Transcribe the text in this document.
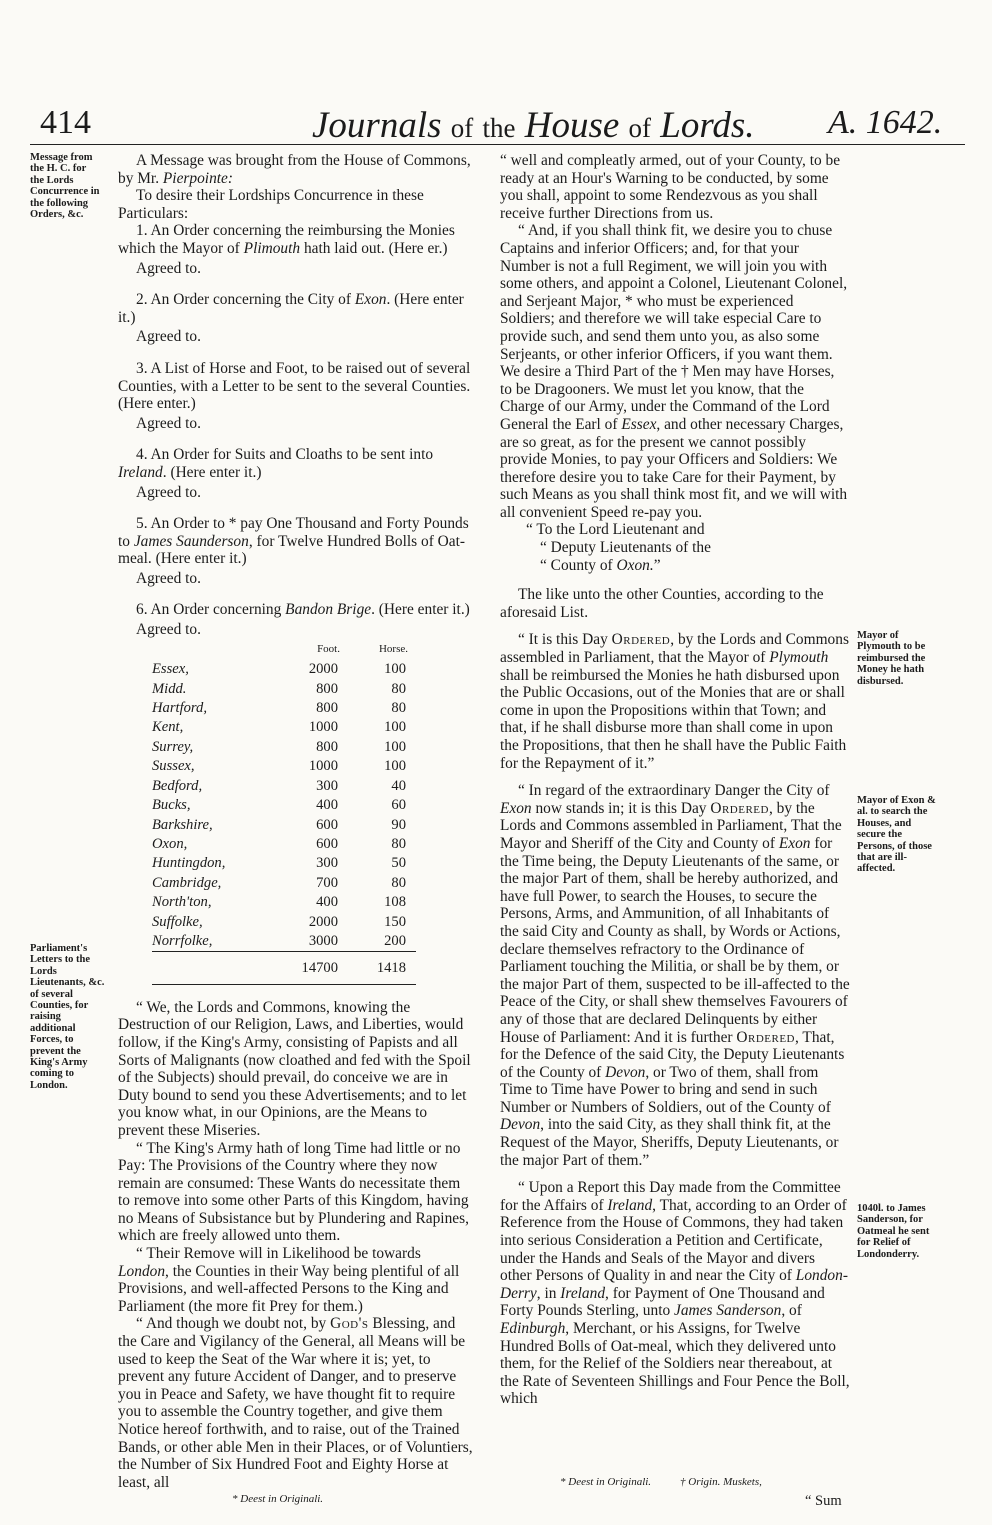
414	Journals of the House of Lords. A. 1642.
Message from the H. C. for the Lords Concurrence in the following Orders, &c.
Parliament's Letters to the Lords Lieutenants, &c. of several Counties, for raising additional Forces, to prevent the King's Army coming to London.
Mayor of Plymouth to be reimbursed the Money he hath disbursed.
Mayor of Exon & al. to search the Houses, and secure the Persons, of those that are ill-affected.
1040l. to James Sanderson, for Oatmeal he sent for Relief of Londonderry.

A Message was brought from the House of Commons, by Mr. Pierpointe:

To desire their Lordships Concurrence in these Particulars:

1. An Order concerning the reimbursing the Monies which the Mayor of Plimouth hath laid out. (Here er.)

Agreed to.

2. An Order concerning the City of Exon. (Here enter it.)

Agreed to.

3. A List of Horse and Foot, to be raised out of several Counties, with a Letter to be sent to the several Counties. (Here enter.)

Agreed to.

4. An Order for Suits and Cloaths to be sent into Ireland. (Here enter it.)

Agreed to.

5. An Order to * pay One Thousand and Forty Pounds to James Saunderson, for Twelve Hundred Bolls of Oat-meal. (Here enter it.)

Agreed to.

6. An Order concerning Bandon Brige. (Here enter it.)

Agreed to.

	Foot.	Horse.
Essex,	2000	100
Midd.	800	80
Hartford,	800	80
Kent,	1000	100
Surrey,	800	100
Sussex,	1000	100
Bedford,	300	40
Bucks,	400	60
Barkshire,	600	90
Oxon,	600	80
Huntingdon,	300	50
Cambridge,	700	80
North'ton,	400	108
Suffolke,	2000	150
Norrfolke,	3000	200
	14700	1418

“ We, the Lords and Commons, knowing the Destruction of our Religion, Laws, and Liberties, would follow, if the King's Army, consisting of Papists and all Sorts of Malignants (now cloathed and fed with the Spoil of the Subjects) should prevail, do conceive we are in Duty bound to send you these Advertisements; and to let you know what, in our Opinions, are the Means to prevent these Miseries.

“ The King's Army hath of long Time had little or no Pay: The Provisions of the Country where they now remain are consumed: These Wants do necessitate them to remove into some other Parts of this Kingdom, having no Means of Subsistance but by Plundering and Rapines, which are freely allowed unto them.

“ Their Remove will in Likelihood be towards London, the Counties in their Way being plentiful of all Provisions, and well-affected Persons to the King and Parliament (the more fit Prey for them.)

“ And though we doubt not, by God's Blessing, and the Care and Vigilancy of the General, all Means will be used to keep the Seat of the War where it is; yet, to prevent any future Accident of Danger, and to preserve you in Peace and Safety, we have thought fit to require you to assemble the Country together, and give them Notice hereof forthwith, and to raise, out of the Trained Bands, or other able Men in their Places, or of Voluntiers, the Number of Six Hundred Foot and Eighty Horse at least, all

* Deest in Originali.

“ well and compleatly armed, out of your County, to be ready at an Hour's Warning to be conducted, by some you shall, appoint to some Rendezvous as you shall receive further Directions from us.

“ And, if you shall think fit, we desire you to chuse Captains and inferior Officers; and, for that your Number is not a full Regiment, we will join you with some others, and appoint a Colonel, Lieutenant Colonel, and Serjeant Major, * who must be experienced Soldiers; and therefore we will take especial Care to provide such, and send them unto you, as also some Serjeants, or other inferior Officers, if you want them. We desire a Third Part of the † Men may have Horses, to be Dragooners. We must let you know, that the Charge of our Army, under the Command of the Lord General the Earl of Essex, and other necessary Charges, are so great, as for the present we cannot possibly provide Monies, to pay your Officers and Soldiers: We therefore desire you to take Care for their Payment, by such Means as you shall think most fit, and we will with all convenient Speed re-pay you.

“ To the Lord Lieutenant and

“ Deputy Lieutenants of the

“ County of Oxon.”

The like unto the other Counties, according to the aforesaid List.

“ It is this Day Ordered, by the Lords and Commons assembled in Parliament, that the Mayor of Plymouth shall be reimbursed the Monies he hath disbursed upon the Public Occasions, out of the Monies that are or shall come in upon the Propositions within that Town; and that, if he shall disburse more than shall come in upon the Propositions, that then he shall have the Public Faith for the Repayment of it.”

“ In regard of the extraordinary Danger the City of Exon now stands in; it is this Day Ordered, by the Lords and Commons assembled in Parliament, That the Mayor and Sheriff of the City and County of Exon for the Time being, the Deputy Lieutenants of the same, or the major Part of them, shall be hereby authorized, and have full Power, to search the Houses, to secure the Persons, Arms, and Ammunition, of all Inhabitants of the said City and County as shall, by Words or Actions, declare themselves refractory to the Ordinance of Parliament touching the Militia, or shall be by them, or the major Part of them, suspected to be ill-affected to the Peace of the City, or shall shew themselves Favourers of any of those that are declared Delinquents by either House of Parliament: And it is further Ordered, That, for the Defence of the said City, the Deputy Lieutenants of the County of Devon, or Two of them, shall from Time to Time have Power to bring and send in such Number or Numbers of Soldiers, out of the County of Devon, into the said City, as they shall think fit, at the Request of the Mayor, Sheriffs, Deputy Lieutenants, or the major Part of them.”

“ Upon a Report this Day made from the Committee for the Affairs of Ireland, That, according to an Order of Reference from the House of Commons, they had taken into serious Consideration a Petition and Certificate, under the Hands and Seals of the Mayor and divers other Persons of Quality in and near the City of London-Derry, in Ireland, for Payment of One Thousand and Forty Pounds Sterling, unto James Sanderson, of Edinburgh, Merchant, or his Assigns, for Twelve Hundred Bolls of Oat-meal, which they delivered unto them, for the Relief of the Soldiers near thereabout, at the Rate of Seventeen Shillings and Four Pence the Boll, which

* Deest in Originali.	† Origin. Muskets,
“ Sum
